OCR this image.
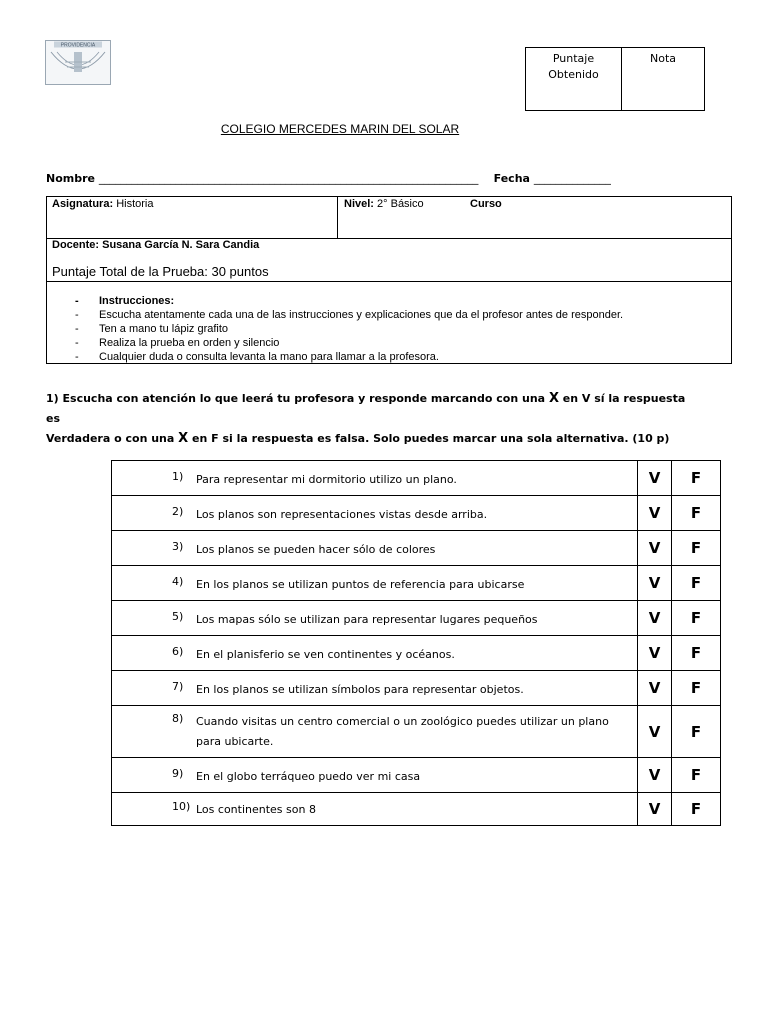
PROVIDENCIA
Puntaje
Obtenido
Nota
COLEGIO MERCEDES MARIN DEL SOLAR
Nombre _____________________________________________________________________ Fecha ______________
Asignatura: Historia	Nivel: 2° Básico	Curso
Docente: Susana García N. Sara Candia
Puntaje Total de la Prueba: 30 puntos
- Instrucciones:
- Escucha atentamente cada una de las instrucciones y explicaciones que da el profesor antes de responder.
- Ten a mano tu lápiz grafito
- Realiza la prueba en orden y silencio
- Cualquier duda o consulta levanta la mano para llamar a la profesora.
1) Escucha con atención lo que leerá tu profesora y responde marcando con una X en V sí la respuesta es
Verdadera o con una X en F si la respuesta es falsa. Solo puedes marcar una sola alternativa. (10 p)
1) Para representar mi dormitorio utilizo un plano.	V	F
2) Los planos son representaciones vistas desde arriba.	V	F
3) Los planos se pueden hacer sólo de colores	V	F
4) En los planos se utilizan puntos de referencia para ubicarse	V	F
5) Los mapas sólo se utilizan para representar lugares pequeños	V	F
6)En el planisferio se ven continentes y océanos.	V	F
7) En los planos se utilizan símbolos para representar objetos.	V	F
8) Cuando visitas un centro comercial o un zoológico puedes utilizar un plano para ubicarte.	V	F
9) En el globo terráqueo puedo ver mi casa	V	F
10) Los continentes son 8	V	F
